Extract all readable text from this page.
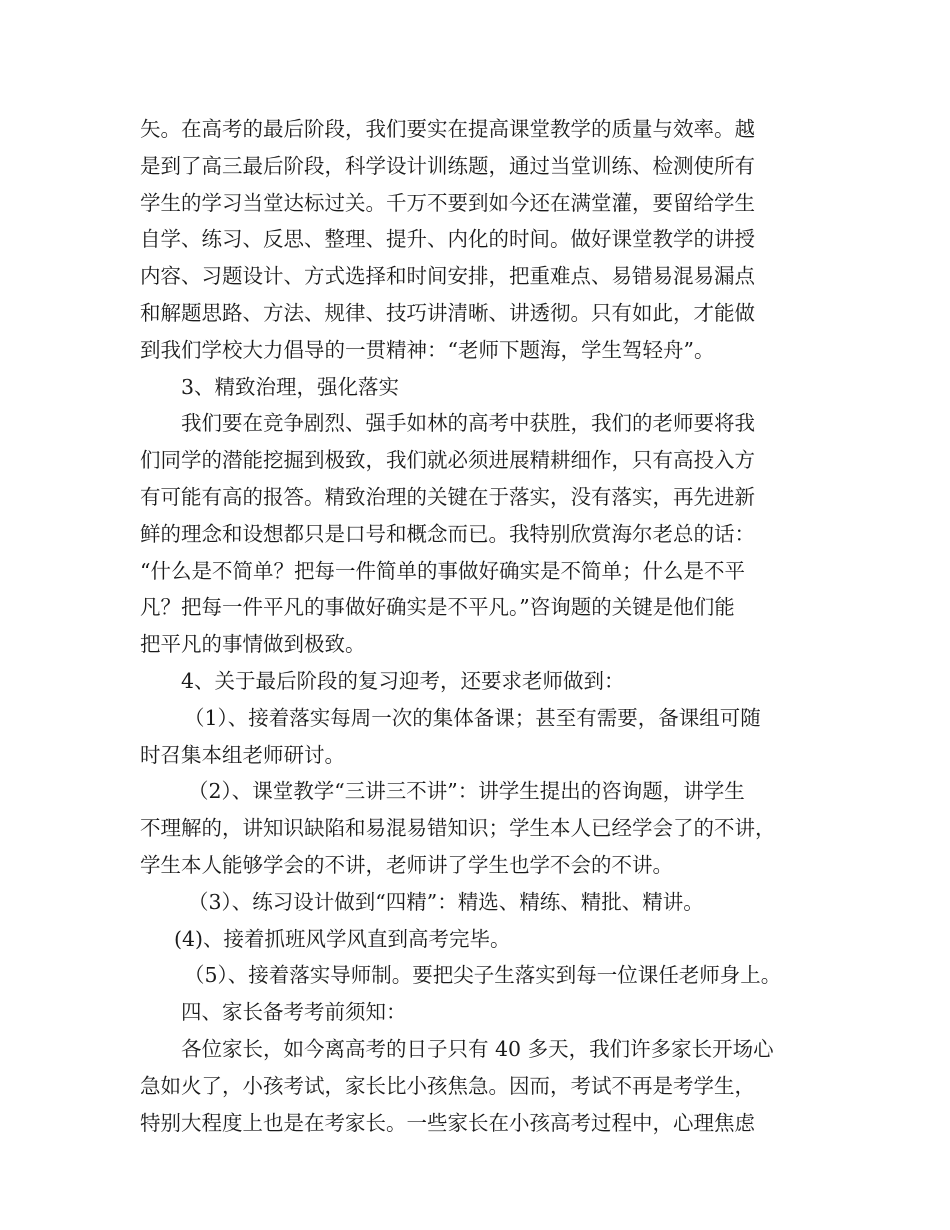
矢。在高考的最后阶段，我们要实在提高课堂教学的质量与效率。越
是到了高三最后阶段，科学设计训练题，通过当堂训练、检测使所有
学生的学习当堂达标过关。千万不要到如今还在满堂灌，要留给学生
自学、练习、反思、整理、提升、内化的时间。做好课堂教学的讲授
内容、习题设计、方式选择和时间安排，把重难点、易错易混易漏点
和解题思路、方法、规律、技巧讲清晰、讲透彻。只有如此，才能做
到我们学校大力倡导的一贯精神：“老师下题海，学生驾轻舟”。
3、精致治理，强化落实
我们要在竞争剧烈、强手如林的高考中获胜，我们的老师要将我
们同学的潜能挖掘到极致，我们就必须进展精耕细作，只有高投入方
有可能有高的报答。精致治理的关键在于落实，没有落实，再先进新
鲜的理念和设想都只是口号和概念而已。我特别欣赏海尔老总的话：
“什么是不简单？把每一件简单的事做好确实是不简单；什么是不平
凡？把每一件平凡的事做好确实是不平凡。”咨询题的关键是他们能
把平凡的事情做到极致。
4、关于最后阶段的复习迎考，还要求老师做到：
（1）、接着落实每周一次的集体备课；甚至有需要，备课组可随
时召集本组老师研讨。
（2）、课堂教学“三讲三不讲”：讲学生提出的咨询题，讲学生
不理解的，讲知识缺陷和易混易错知识；学生本人已经学会了的不讲，
学生本人能够学会的不讲，老师讲了学生也学不会的不讲。
（3）、练习设计做到“四精”：精选、精练、精批、精讲。
(4)、接着抓班风学风直到高考完毕。
（5）、接着落实导师制。要把尖子生落实到每一位课任老师身上。
四、家长备考考前须知：
各位家长，如今离高考的日子只有 40 多天，我们许多家长开场心
急如火了，小孩考试，家长比小孩焦急。因而，考试不再是考学生，
特别大程度上也是在考家长。一些家长在小孩高考过程中，心理焦虑
